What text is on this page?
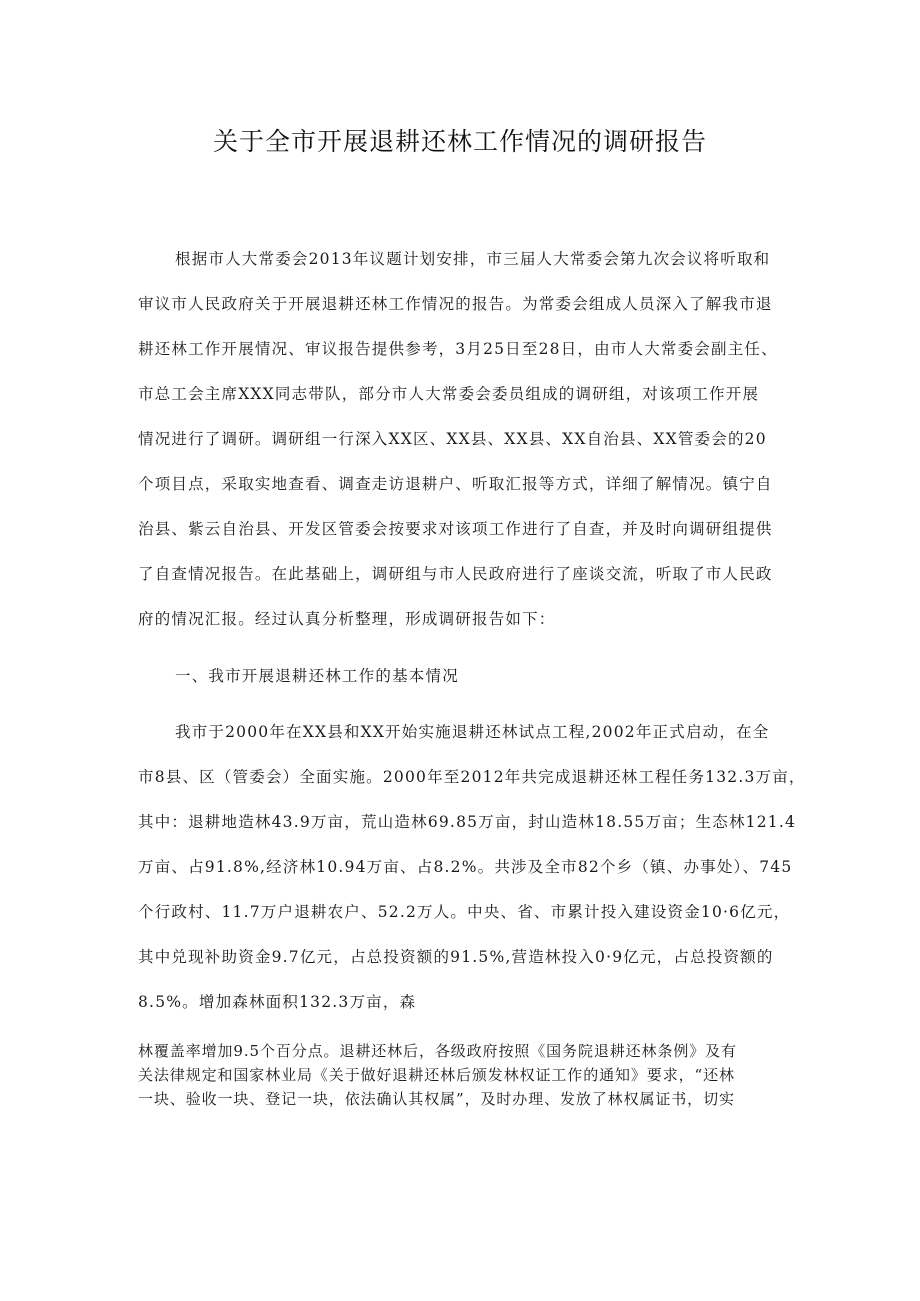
关于全市开展退耕还林工作情况的调研报告
根据市人大常委会2013年议题计划安排，市三届人大常委会第九次会议将听取和
审议市人民政府关于开展退耕还林工作情况的报告。为常委会组成人员深入了解我市退
耕还林工作开展情况、审议报告提供参考，3月25日至28日，由市人大常委会副主任、
市总工会主席XXX同志带队，部分市人大常委会委员组成的调研组，对该项工作开展
情况进行了调研。调研组一行深入XX区、XX县、XX县、XX自治县、XX管委会的20
个项目点，采取实地查看、调查走访退耕户、听取汇报等方式，详细了解情况。镇宁自
治县、紫云自治县、开发区管委会按要求对该项工作进行了自查，并及时向调研组提供
了自查情况报告。在此基础上，调研组与市人民政府进行了座谈交流，听取了市人民政
府的情况汇报。经过认真分析整理，形成调研报告如下：
一、我市开展退耕还林工作的基本情况
我市于2000年在XX县和XX开始实施退耕还林试点工程,2002年正式启动，在全
市8县、区（管委会）全面实施。2000年至2012年共完成退耕还林工程任务132.3万亩，
其中：退耕地造林43.9万亩，荒山造林69.85万亩，封山造林18.55万亩；生态林121.4
万亩、占91.8%,经济林10.94万亩、占8.2%。共涉及全市82个乡（镇、办事处）、745
个行政村、11.7万户退耕农户、52.2万人。中央、省、市累计投入建设资金10·6亿元，
其中兑现补助资金9.7亿元，占总投资额的91.5%,营造林投入0·9亿元，占总投资额的
8.5%。增加森林面积132.3万亩，森
林覆盖率增加9.5个百分点。退耕还林后，各级政府按照《国务院退耕还林条例》及有
关法律规定和国家林业局《关于做好退耕还林后颁发林权证工作的通知》要求，“还林
一块、验收一块、登记一块，依法确认其权属”，及时办理、发放了林权属证书，切实
